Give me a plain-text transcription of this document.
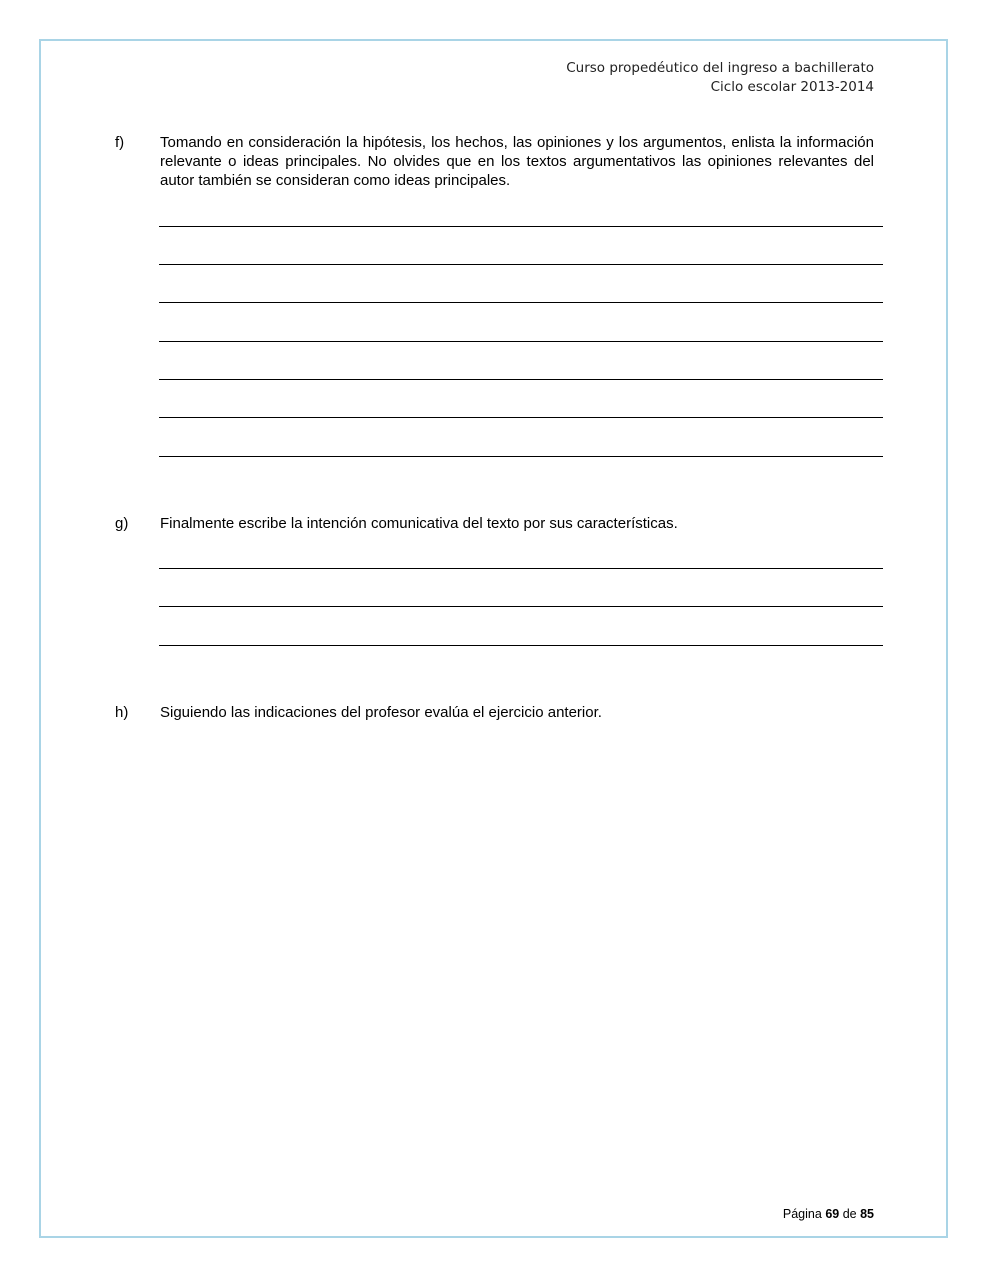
Curso propedéutico del ingreso a bachillerato
Ciclo escolar 2013-2014
f) Tomando en consideración la hipótesis, los hechos, las opiniones y los argumentos, enlista la información relevante o ideas principales. No olvides que en los textos argumentativos las opiniones relevantes del autor también se consideran como ideas principales.
g) Finalmente escribe la intención comunicativa del texto por sus características.
h) Siguiendo las indicaciones del profesor evalúa el ejercicio anterior.
Página 69 de 85
